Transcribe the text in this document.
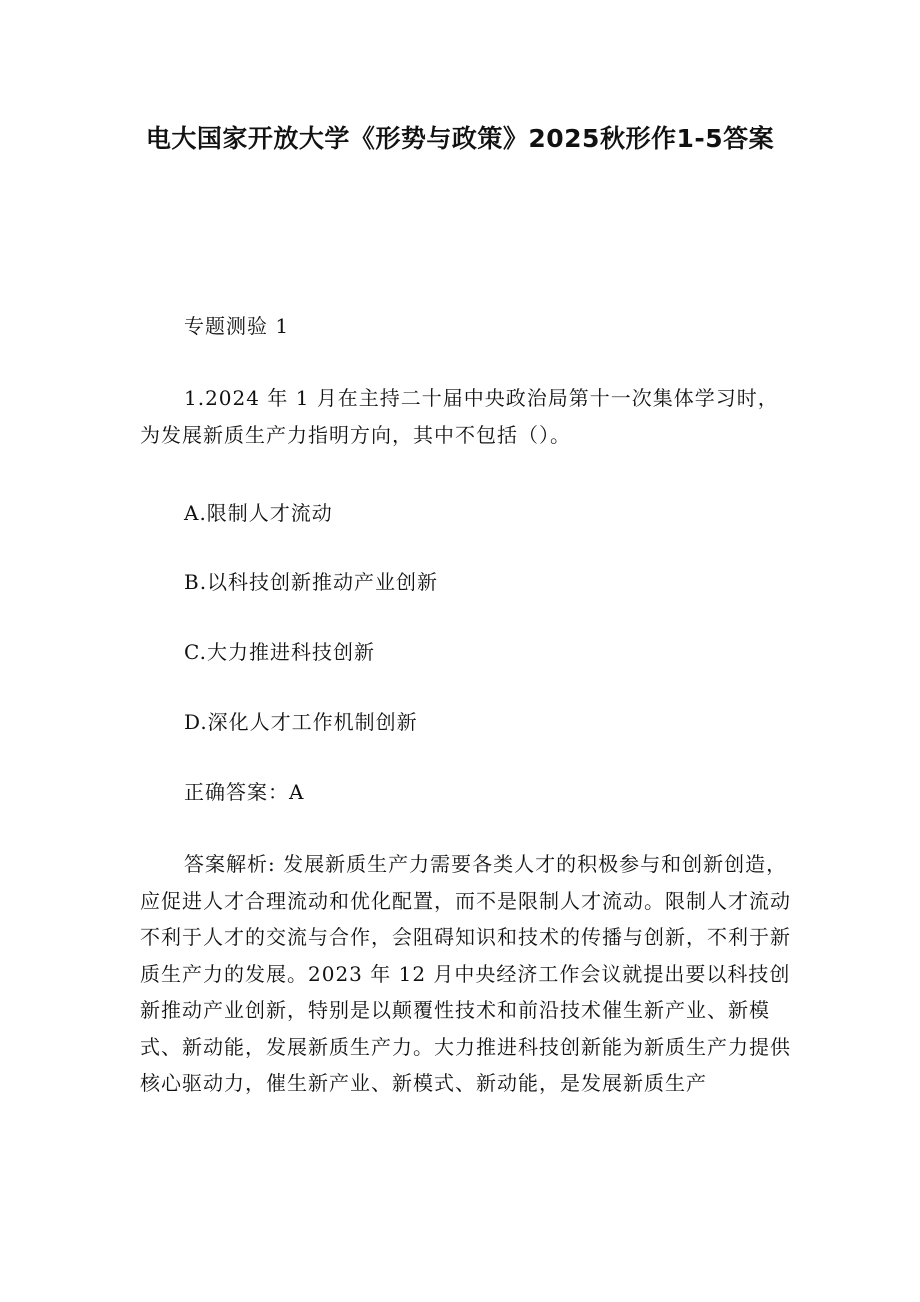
电大国家开放大学《形势与政策》2025秋形作1-5答案

专题测验 1

1.2024 年 1 月在主持二十届中央政治局第十一次集体学习时，为发展新质生产力指明方向，其中不包括（）。

A.限制人才流动

B.以科技创新推动产业创新

C.大力推进科技创新

D.深化人才工作机制创新

正确答案：A

答案解析: 发展新质生产力需要各类人才的积极参与和创新创造，应促进人才合理流动和优化配置，而不是限制人才流动。限制人才流动不利于人才的交流与合作，会阻碍知识和技术的传播与创新，不利于新质生产力的发展。2023 年 12 月中央经济工作会议就提出要以科技创新推动产业创新，特别是以颠覆性技术和前沿技术催生新产业、新模式、新动能，发展新质生产力。大力推进科技创新能为新质生产力提供核心驱动力，催生新产业、新模式、新动能，是发展新质生产
